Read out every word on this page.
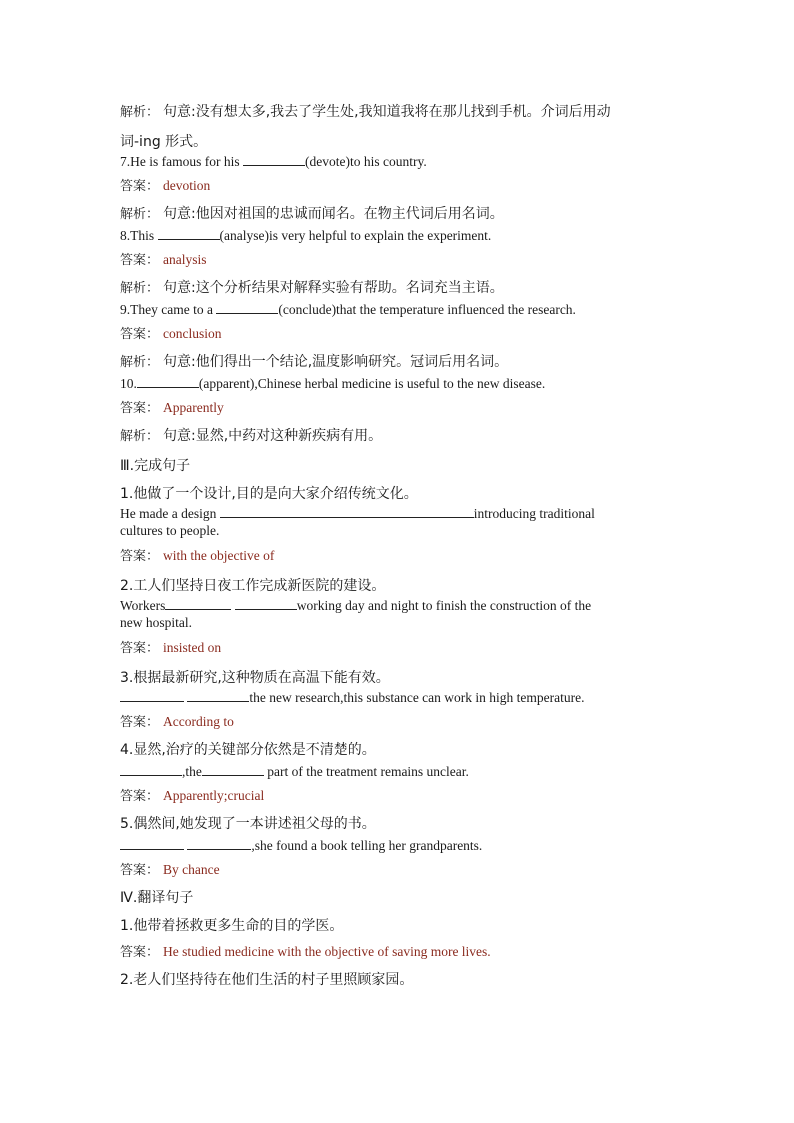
解析： 句意:没有想太多,我去了学生处,我知道我将在那儿找到手机。介词后用动
词-ing 形式。
7.He is famous for his	(devote)to his country.
答案： devotion
解析： 句意:他因对祖国的忠诚而闻名。在物主代词后用名词。
8.This	(analyse)is very helpful to explain the experiment.
答案： analysis
解析： 句意:这个分析结果对解释实验有帮助。名词充当主语。
9.They came to a	(conclude)that the temperature influenced the research.
答案： conclusion
解析： 句意:他们得出一个结论,温度影响研究。冠词后用名词。
10.	(apparent),Chinese herbal medicine is useful to the new disease.
答案： Apparently
解析： 句意:显然,中药对这种新疾病有用。
Ⅲ.完成句子
1.他做了一个设计,目的是向大家介绍传统文化。
He made a design	introducing traditional
cultures to people.
答案： with the objective of
2.工人们坚持日夜工作完成新医院的建设。
Workers	working day and night to finish the construction of the
new hospital.
答案： insisted on
3.根据最新研究,这种物质在高温下能有效。
the new research,this substance can work in high temperature.
答案： According to
4.显然,治疗的关键部分依然是不清楚的。
,the	part of the treatment remains unclear.
答案： Apparently;crucial
5.偶然间,她发现了一本讲述祖父母的书。
,she found a book telling her grandparents.
答案： By chance
Ⅳ.翻译句子
1.他带着拯救更多生命的目的学医。
答案： He studied medicine with the objective of saving more lives.
2.老人们坚持待在他们生活的村子里照顾家园。
